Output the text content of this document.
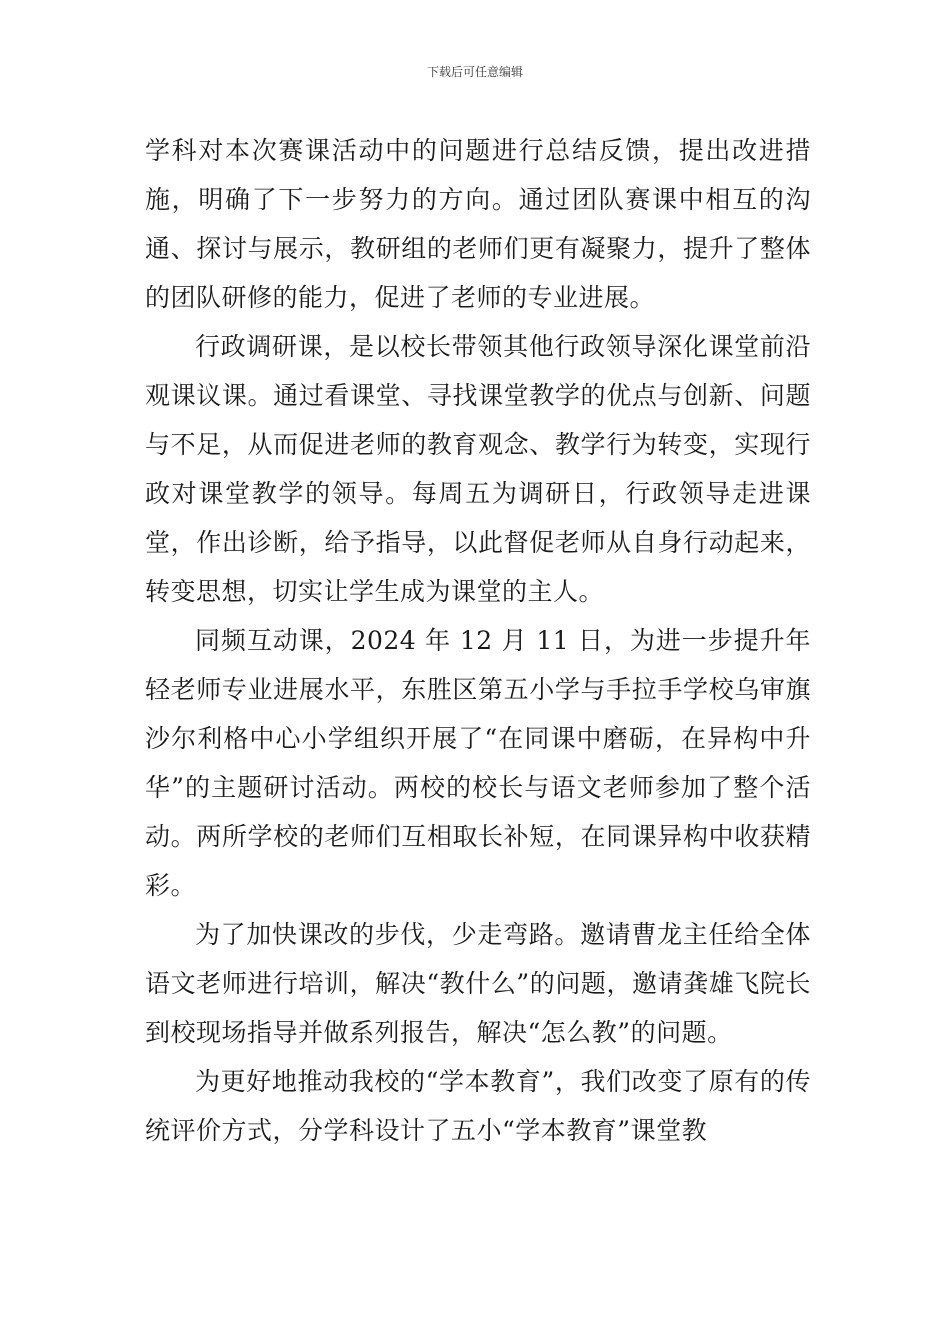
下载后可任意编辑

学科对本次赛课活动中的问题进行总结反馈，提出改进措施，明确了下一步努力的方向。通过团队赛课中相互的沟通、探讨与展示，教研组的老师们更有凝聚力，提升了整体的团队研修的能力，促进了老师的专业进展。

行政调研课，是以校长带领其他行政领导深化课堂前沿观课议课。通过看课堂、寻找课堂教学的优点与创新、问题与不足，从而促进老师的教育观念、教学行为转变，实现行政对课堂教学的领导。每周五为调研日，行政领导走进课堂，作出诊断，给予指导，以此督促老师从自身行动起来，转变思想，切实让学生成为课堂的主人。

同频互动课，2024 年 12 月 11 日，为进一步提升年轻老师专业进展水平，东胜区第五小学与手拉手学校乌审旗沙尔利格中心小学组织开展了“在同课中磨砺，在异构中升华”的主题研讨活动。两校的校长与语文老师参加了整个活动。两所学校的老师们互相取长补短，在同课异构中收获精彩。

为了加快课改的步伐，少走弯路。邀请曹龙主任给全体语文老师进行培训，解决“教什么”的问题，邀请龚雄飞院长到校现场指导并做系列报告，解决“怎么教”的问题。

为更好地推动我校的“学本教育”，我们改变了原有的传统评价方式，分学科设计了五小“学本教育”课堂教
